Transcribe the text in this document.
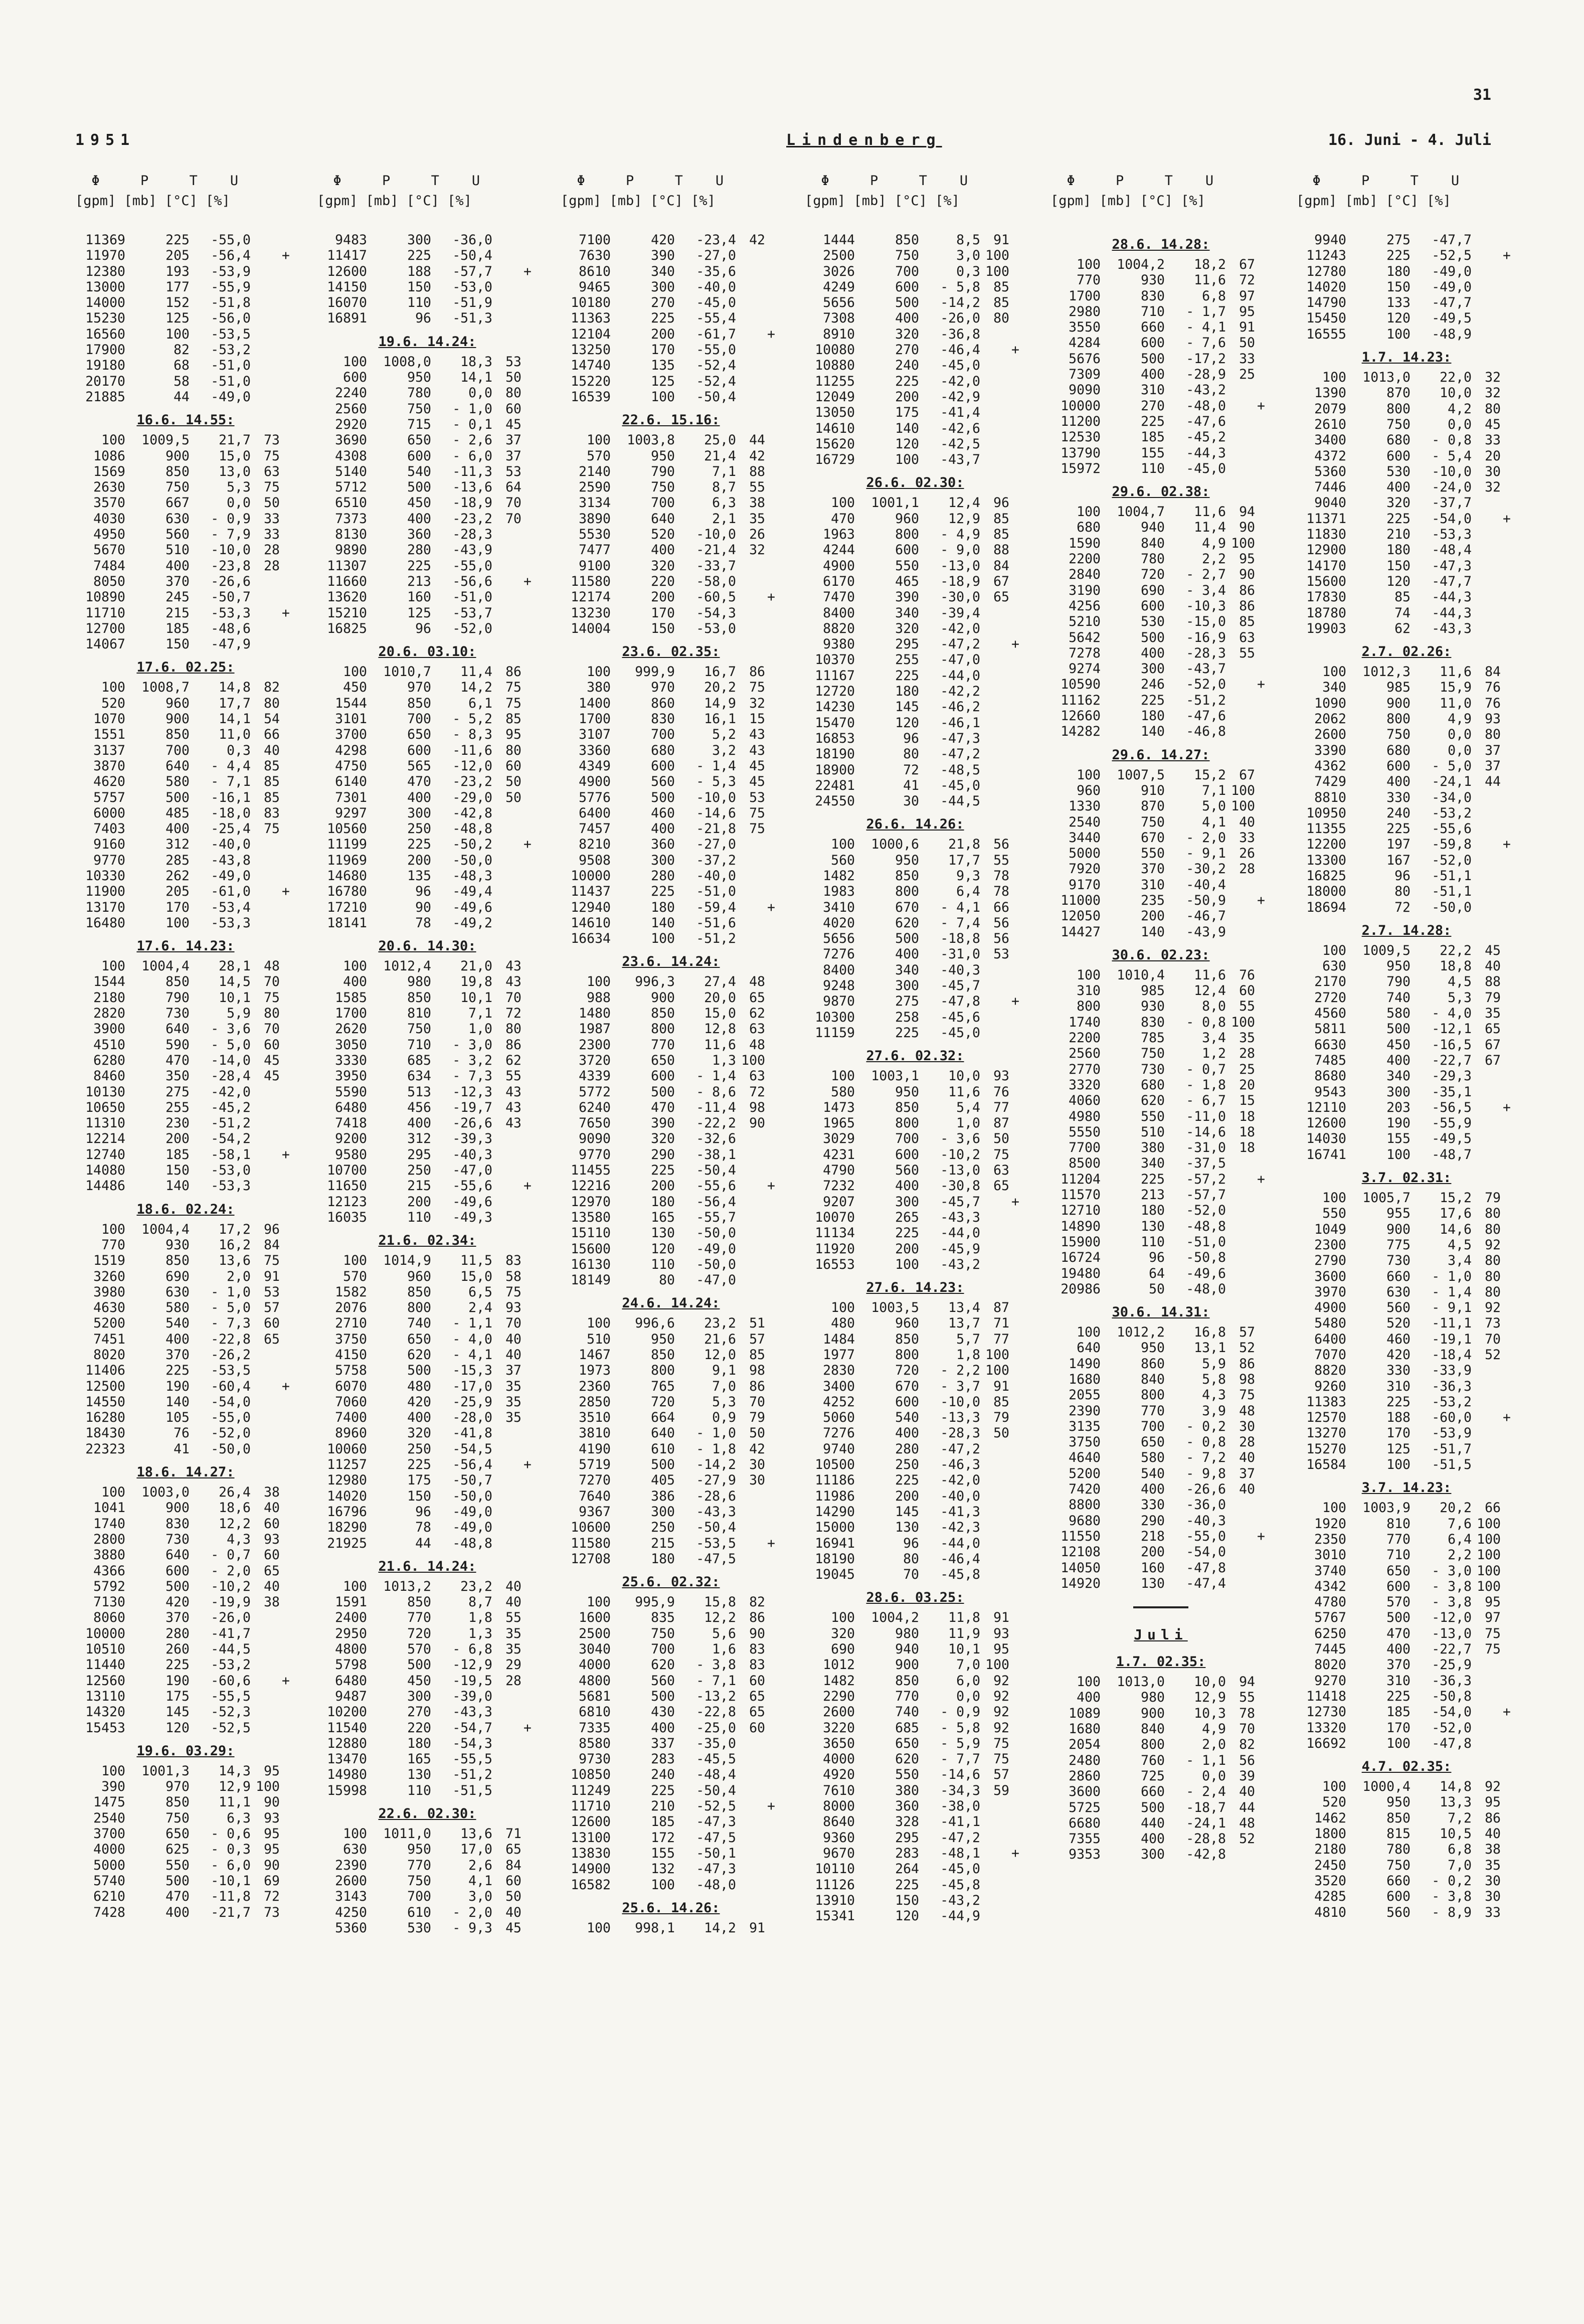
31
1951	Lindenberg	16. Juni - 4. Juli
Φ     P     T    U
[gpm] [mb] [°C] [%]
11369	225	-55,0
11970	205	-56,4 +
12380	193	-53,9
13000	177	-55,9
14000	152	-51,8
15230	125	-56,0
16560	100	-53,5
17900	82	-53,2
19180	68	-51,0
20170	58	-51,0
21885	44	-49,0
16.6. 14.55:
100	1009,5	21,7 73
1086	900	15,0 75
1569	850	13,0 63
2630	750	5,3 75
3570	667	0,0 50
4030	630	- 0,9 33
4950	560	- 7,9 33
5670	510	-10,0 28
7484	400	-23,8 28
8050	370	-26,6
10890	245	-50,7
11710	215	-53,3 +
12700	185	-48,6
14067	150	-47,9
17.6. 02.25:
100	1008,7	14,8 82
520	960	17,7 80
1070	900	14,1 54
1551	850	11,0 66
3137	700	0,3 40
3870	640	- 4,4 85
4620	580	- 7,1 85
5757	500	-16,1 85
6000	485	-18,0 83
7403	400	-25,4 75
9160	312	-40,0
9770	285	-43,8
10330	262	-49,0
11900	205	-61,0 +
13170	170	-53,4
16480	100	-53,3
17.6. 14.23:
100	1004,4	28,1 48
1544	850	14,5 70
2180	790	10,1 75
2820	730	5,9 80
3900	640	- 3,6 70
4510	590	- 5,0 60
6280	470	-14,0 45
8460	350	-28,4 45
10130	275	-42,0
10650	255	-45,2
11310	230	-51,2
12214	200	-54,2
12740	185	-58,1 +
14080	150	-53,0
14486	140	-53,3
18.6. 02.24:
100	1004,4	17,2 96
770	930	16,2 84
1519	850	13,6 75
3260	690	2,0 91
3980	630	- 1,0 53
4630	580	- 5,0 57
5200	540	- 7,3 60
7451	400	-22,8 65
8020	370	-26,2
11406	225	-53,5
12500	190	-60,4 +
14550	140	-54,0
16280	105	-55,0
18430	76	-52,0
22323	41	-50,0
18.6. 14.27:
100	1003,0	26,4 38
1041	900	18,6 40
1740	830	12,2 60
2800	730	4,3 93
3880	640	- 0,7 60
4366	600	- 2,0 65
5792	500	-10,2 40
7130	420	-19,9 38
8060	370	-26,0
10000	280	-41,7
10510	260	-44,5
11440	225	-53,2
12560	190	-60,6 +
13110	175	-55,5
14320	145	-52,3
15453	120	-52,5
19.6. 03.29:
100	1001,3	14,3 95
390	970	12,9 100
1475	850	11,1 90
2540	750	6,3 93
3700	650	- 0,6 95
4000	625	- 0,3 95
5000	550	- 6,0 90
5740	500	-10,1 69
6210	470	-11,8 72
7428	400	-21,7 73
Φ     P     T    U
[gpm] [mb] [°C] [%]
9483	300	-36,0
11417	225	-50,4
12600	188	-57,7 +
14150	150	-53,0
16070	110	-51,9
16891	96	-51,3
19.6. 14.24:
100	1008,0	18,3 53
600	950	14,1 50
2240	780	0,0 80
2560	750	- 1,0 60
2920	715	- 0,1 45
3690	650	- 2,6 37
4308	600	- 6,0 37
5140	540	-11,3 53
5712	500	-13,6 64
6510	450	-18,9 70
7373	400	-23,2 70
8130	360	-28,3
9890	280	-43,9
11307	225	-55,0
11660	213	-56,6 +
13620	160	-51,0
15210	125	-53,7
16825	96	-52,0
20.6. 03.10:
100	1010,7	11,4 86
450	970	14,2 75
1544	850	6,1 75
3101	700	- 5,2 85
3700	650	- 8,3 95
4298	600	-11,6 80
4750	565	-12,0 60
6140	470	-23,2 50
7301	400	-29,0 50
9297	300	-42,8
10560	250	-48,8
11199	225	-50,2 +
11969	200	-50,0
14680	135	-48,3
16780	96	-49,4
17210	90	-49,6
18141	78	-49,2
20.6. 14.30:
100	1012,4	21,0 43
400	980	19,8 43
1585	850	10,1 70
1700	810	7,1 72
2620	750	1,0 80
3050	710	- 3,0 86
3330	685	- 3,2 62
3950	634	- 7,3 55
5590	513	-12,3 43
6480	456	-19,7 43
7418	400	-26,6 43
9200	312	-39,3
9580	295	-40,3
10700	250	-47,0
11650	215	-55,6 +
12123	200	-49,6
16035	110	-49,3
21.6. 02.34:
100	1014,9	11,5 83
570	960	15,0 58
1582	850	6,5 75
2076	800	2,4 93
2710	740	- 1,1 70
3750	650	- 4,0 40
4150	620	- 4,1 40
5758	500	-15,3 37
6070	480	-17,0 35
7060	420	-25,9 35
7400	400	-28,0 35
8960	320	-41,8
10060	250	-54,5
11257	225	-56,4 +
12980	175	-50,7
14020	150	-50,0
16796	96	-49,0
18290	78	-49,0
21925	44	-48,8
21.6. 14.24:
100	1013,2	23,2 40
1591	850	8,7 40
2400	770	1,8 55
2950	720	1,3 35
4800	570	- 6,8 35
5798	500	-12,9 29
6480	450	-19,5 28
9487	300	-39,0
10200	270	-43,3
11540	220	-54,7 +
12880	180	-54,3
13470	165	-55,5
14980	130	-51,2
15998	110	-51,5
22.6. 02.30:
100	1011,0	13,6 71
630	950	17,0 65
2390	770	2,6 84
2600	750	4,1 60
3143	700	3,0 50
4250	610	- 2,0 40
5360	530	- 9,3 45
Φ     P     T    U
[gpm] [mb] [°C] [%]
7100	420	-23,4 42
7630	390	-27,0
8610	340	-35,6
9465	300	-40,0
10180	270	-45,0
11363	225	-55,4
12104	200	-61,7 +
13250	170	-55,0
14740	135	-52,4
15220	125	-52,4
16539	100	-50,4
22.6. 15.16:
100	1003,8	25,0 44
570	950	21,4 42
2140	790	7,1 88
2590	750	8,7 55
3134	700	6,3 38
3890	640	2,1 35
5530	520	-10,0 26
7477	400	-21,4 32
9100	320	-33,7
11580	220	-58,0
12174	200	-60,5 +
13230	170	-54,3
14004	150	-53,0
23.6. 02.35:
100	999,9	16,7 86
380	970	20,2 75
1400	860	14,9 32
1700	830	16,1 15
3107	700	5,2 43
3360	680	3,2 43
4349	600	- 1,4 45
4900	560	- 5,3 45
5776	500	-10,0 53
6400	460	-14,6 75
7457	400	-21,8 75
8210	360	-27,0
9508	300	-37,2
10000	280	-40,0
11437	225	-51,0
12940	180	-59,4 +
14610	140	-51,6
16634	100	-51,2
23.6. 14.24:
100	996,3	27,4 48
988	900	20,0 65
1480	850	15,0 62
1987	800	12,8 63
2300	770	11,6 48
3720	650	1,3 100
4339	600	- 1,4 63
5772	500	- 8,6 72
6240	470	-11,4 98
7650	390	-22,2 90
9090	320	-32,6
9770	290	-38,1
11455	225	-50,4
12216	200	-55,6 +
12970	180	-56,4
13580	165	-55,7
15110	130	-50,0
15600	120	-49,0
16130	110	-50,0
18149	80	-47,0
24.6. 14.24:
100	996,6	23,2 51
510	950	21,6 57
1467	850	12,0 85
1973	800	9,1 98
2360	765	7,0 86
2850	720	5,3 70
3510	664	0,9 79
3810	640	- 1,0 50
4190	610	- 1,8 42
5719	500	-14,2 30
7270	405	-27,9 30
7640	386	-28,6
9367	300	-43,3
10600	250	-50,4
11580	215	-53,5 +
12708	180	-47,5
25.6. 02.32:
100	995,9	15,8 82
1600	835	12,2 86
2500	750	5,6 90
3040	700	1,6 83
4000	620	- 3,8 83
4800	560	- 7,1 60
5681	500	-13,2 65
6810	430	-22,8 65
7335	400	-25,0 60
8580	337	-35,0
9730	283	-45,5
10850	240	-48,4
11249	225	-50,4
11710	210	-52,5 +
12600	185	-47,3
13100	172	-47,5
13830	155	-50,1
14900	132	-47,3
16582	100	-48,0
25.6. 14.26:
100	998,1	14,2 91
Φ     P     T    U
[gpm] [mb] [°C] [%]
1444	850	8,5 91
2500	750	3,0 100
3026	700	0,3 100
4249	600	- 5,8 85
5656	500	-14,2 85
7308	400	-26,0 80
8910	320	-36,8
10080	270	-46,4 +
10880	240	-45,0
11255	225	-42,0
12049	200	-42,9
13050	175	-41,4
14610	140	-42,6
15620	120	-42,5
16729	100	-43,7
26.6. 02.30:
100	1001,1	12,4 96
470	960	12,9 85
1963	800	- 4,9 85
4244	600	- 9,0 88
4900	550	-13,0 84
6170	465	-18,9 67
7470	390	-30,0 65
8400	340	-39,4
8820	320	-42,0
9380	295	-47,2 +
10370	255	-47,0
11167	225	-44,0
12720	180	-42,2
14230	145	-46,2
15470	120	-46,1
16853	96	-47,3
18190	80	-47,2
18900	72	-48,5
22481	41	-45,0
24550	30	-44,5
26.6. 14.26:
100	1000,6	21,8 56
560	950	17,7 55
1482	850	9,3 78
1983	800	6,4 78
3410	670	- 4,1 66
4020	620	- 7,4 56
5656	500	-18,8 56
7276	400	-31,0 53
8400	340	-40,3
9248	300	-45,7
9870	275	-47,8 +
10300	258	-45,6
11159	225	-45,0
27.6. 02.32:
100	1003,1	10,0 93
580	950	11,6 76
1473	850	5,4 77
1965	800	1,0 87
3029	700	- 3,6 50
4231	600	-10,2 75
4790	560	-13,0 63
7232	400	-30,8 65
9207	300	-45,7 +
10070	265	-43,3
11134	225	-44,0
11920	200	-45,9
16553	100	-43,2
27.6. 14.23:
100	1003,5	13,4 87
480	960	13,7 71
1484	850	5,7 77
1977	800	1,8 100
2830	720	- 2,2 100
3400	670	- 3,7 91
4252	600	-10,0 85
5060	540	-13,3 79
7276	400	-28,3 50
9740	280	-47,2
10500	250	-46,3
11186	225	-42,0
11986	200	-40,0
14290	145	-41,3
15000	130	-42,3
16941	96	-44,0
18190	80	-46,4
19045	70	-45,8
28.6. 03.25:
100	1004,2	11,8 91
320	980	11,9 93
690	940	10,1 95
1012	900	7,0 100
1482	850	6,0 92
2290	770	0,0 92
2600	740	- 0,9 92
3220	685	- 5,8 92
3650	650	- 5,9 75
4000	620	- 7,7 75
4920	550	-14,6 57
7610	380	-34,3 59
8000	360	-38,0
8640	328	-41,1
9360	295	-47,2
9670	283	-48,1 +
10110	264	-45,0
11126	225	-45,8
13910	150	-43,2
15341	120	-44,9
Φ     P     T    U
[gpm] [mb] [°C] [%]
28.6. 14.28:
100	1004,2	18,2 67
770	930	11,6 72
1700	830	6,8 97
2980	710	- 1,7 95
3550	660	- 4,1 91
4284	600	- 7,6 50
5676	500	-17,2 33
7309	400	-28,9 25
9090	310	-43,2
10000	270	-48,0 +
11200	225	-47,6
12530	185	-45,2
13790	155	-44,3
15972	110	-45,0
29.6. 02.38:
100	1004,7	11,6 94
680	940	11,4 90
1590	840	4,9 100
2200	780	2,2 95
2840	720	- 2,7 90
3190	690	- 3,4 86
4256	600	-10,3 86
5210	530	-15,0 85
5642	500	-16,9 63
7278	400	-28,3 55
9274	300	-43,7
10590	246	-52,0 +
11162	225	-51,2
12660	180	-47,6
14282	140	-46,8
29.6. 14.27:
100	1007,5	15,2 67
960	910	7,1 100
1330	870	5,0 100
2540	750	4,1 40
3440	670	- 2,0 33
5000	550	- 9,1 26
7920	370	-30,2 28
9170	310	-40,4
11000	235	-50,9 +
12050	200	-46,7
14427	140	-43,9
30.6. 02.23:
100	1010,4	11,6 76
310	985	12,4 60
800	930	8,0 55
1740	830	- 0,8 100
2200	785	3,4 35
2560	750	1,2 28
2770	730	- 0,7 25
3320	680	- 1,8 20
4060	620	- 6,7 15
4980	550	-11,0 18
5550	510	-14,6 18
7700	380	-31,0 18
8500	340	-37,5
11204	225	-57,2 +
11570	213	-57,7
12710	180	-52,0
14890	130	-48,8
15900	110	-51,0
16724	96	-50,8
19480	64	-49,6
20986	50	-48,0
30.6. 14.31:
100	1012,2	16,8 57
640	950	13,1 52
1490	860	5,9 86
1680	840	5,8 98
2055	800	4,3 75
2390	770	3,9 48
3135	700	- 0,2 30
3750	650	- 0,8 28
4640	580	- 7,2 40
5200	540	- 9,8 37
7420	400	-26,6 40
8800	330	-36,0
9680	290	-40,3
11550	218	-55,0 +
12108	200	-54,0
14050	160	-47,8
14920	130	-47,4
Juli
1.7. 02.35:
100	1013,0	10,0 94
400	980	12,9 55
1089	900	10,3 78
1680	840	4,9 70
2054	800	2,0 82
2480	760	- 1,1 56
2860	725	0,0 39
3600	660	- 2,4 40
5725	500	-18,7 44
6680	440	-24,1 48
7355	400	-28,8 52
9353	300	-42,8
Φ     P     T    U
[gpm] [mb] [°C] [%]
9940	275	-47,7
11243	225	-52,5 +
12780	180	-49,0
14020	150	-49,0
14790	133	-47,7
15450	120	-49,5
16555	100	-48,9
1.7. 14.23:
100	1013,0	22,0 32
1390	870	10,0 32
2079	800	4,2 80
2610	750	0,0 45
3400	680	- 0,8 33
4372	600	- 5,4 20
5360	530	-10,0 30
7446	400	-24,0 32
9040	320	-37,7
11371	225	-54,0 +
11830	210	-53,3
12900	180	-48,4
14170	150	-47,3
15600	120	-47,7
17830	85	-44,3
18780	74	-44,3
19903	62	-43,3
2.7. 02.26:
100	1012,3	11,6 84
340	985	15,9 76
1090	900	11,0 76
2062	800	4,9 93
2600	750	0,0 80
3390	680	0,0 37
4362	600	- 5,0 37
7429	400	-24,1 44
8810	330	-34,0
10950	240	-53,2
11355	225	-55,6
12200	197	-59,8 +
13300	167	-52,0
16825	96	-51,1
18000	80	-51,1
18694	72	-50,0
2.7. 14.28:
100	1009,5	22,2 45
630	950	18,8 40
2170	790	4,5 88
2720	740	5,3 79
4560	580	- 4,0 35
5811	500	-12,1 65
6630	450	-16,5 67
7485	400	-22,7 67
8680	340	-29,3
9543	300	-35,1
12110	203	-56,5 +
12600	190	-55,9
14030	155	-49,5
16741	100	-48,7
3.7. 02.31:
100	1005,7	15,2 79
550	955	17,6 80
1049	900	14,6 80
2300	775	4,5 92
2790	730	3,4 80
3600	660	- 1,0 80
3970	630	- 1,4 80
4900	560	- 9,1 92
5480	520	-11,1 73
6400	460	-19,1 70
7070	420	-18,4 52
8820	330	-33,9
9260	310	-36,3
11383	225	-53,2
12570	188	-60,0 +
13270	170	-53,9
15270	125	-51,7
16584	100	-51,5
3.7. 14.23:
100	1003,9	20,2 66
1920	810	7,6 100
2350	770	6,4 100
3010	710	2,2 100
3740	650	- 3,0 100
4342	600	- 3,8 100
4780	570	- 3,8 95
5767	500	-12,0 97
6250	470	-13,0 75
7445	400	-22,7 75
8020	370	-25,9
9270	310	-36,3
11418	225	-50,8
12730	185	-54,0 +
13320	170	-52,0
16692	100	-47,8
4.7. 02.35:
100	1000,4	14,8 92
520	950	13,3 95
1462	850	7,2 86
1800	815	10,5 40
2180	780	6,8 38
2450	750	7,0 35
3520	660	- 0,2 30
4285	600	- 3,8 30
4810	560	- 8,9 33
